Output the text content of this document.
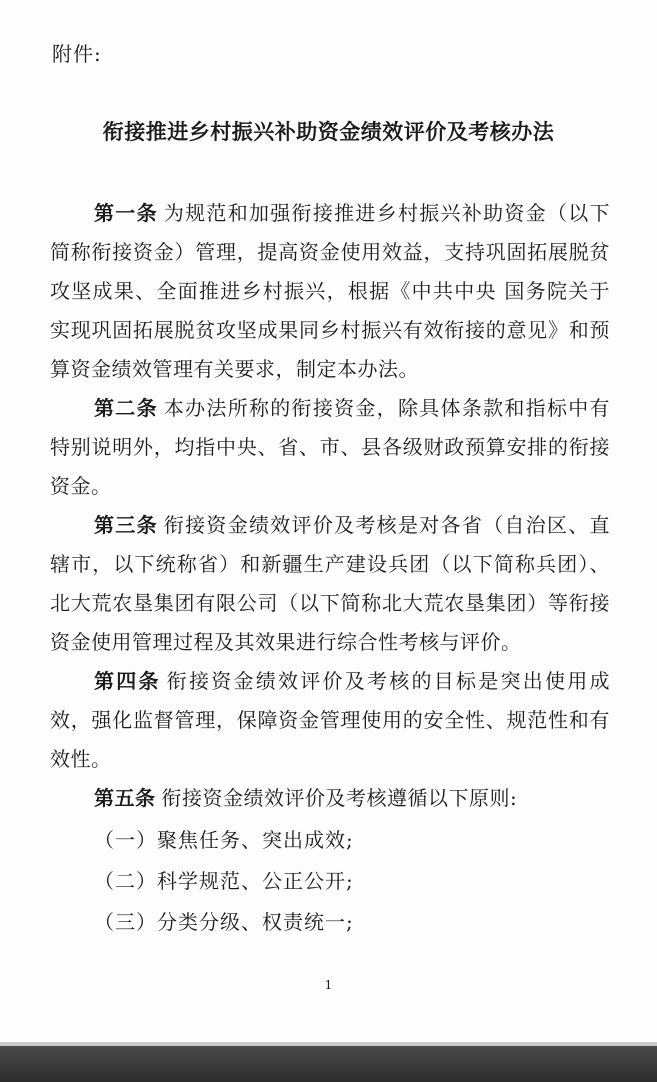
附件:
衔接推进乡村振兴补助资金绩效评价及考核办法

第一条 为规范和加强衔接推进乡村振兴补助资金（以下简称衔接资金）管理，提高资金使用效益，支持巩固拓展脱贫攻坚成果、全面推进乡村振兴，根据《中共中央 国务院关于实现巩固拓展脱贫攻坚成果同乡村振兴有效衔接的意见》和预算资金绩效管理有关要求，制定本办法。

第二条 本办法所称的衔接资金，除具体条款和指标中有特别说明外，均指中央、省、市、县各级财政预算安排的衔接资金。

第三条 衔接资金绩效评价及考核是对各省（自治区、直辖市，以下统称省）和新疆生产建设兵团（以下简称兵团）、北大荒农垦集团有限公司（以下简称北大荒农垦集团）等衔接资金使用管理过程及其效果进行综合性考核与评价。

第四条 衔接资金绩效评价及考核的目标是突出使用成效，强化监督管理，保障资金管理使用的安全性、规范性和有效性。

第五条 衔接资金绩效评价及考核遵循以下原则:

（一）聚焦任务、突出成效;
（二）科学规范、公正公开;
（三）分类分级、权责统一;
1
